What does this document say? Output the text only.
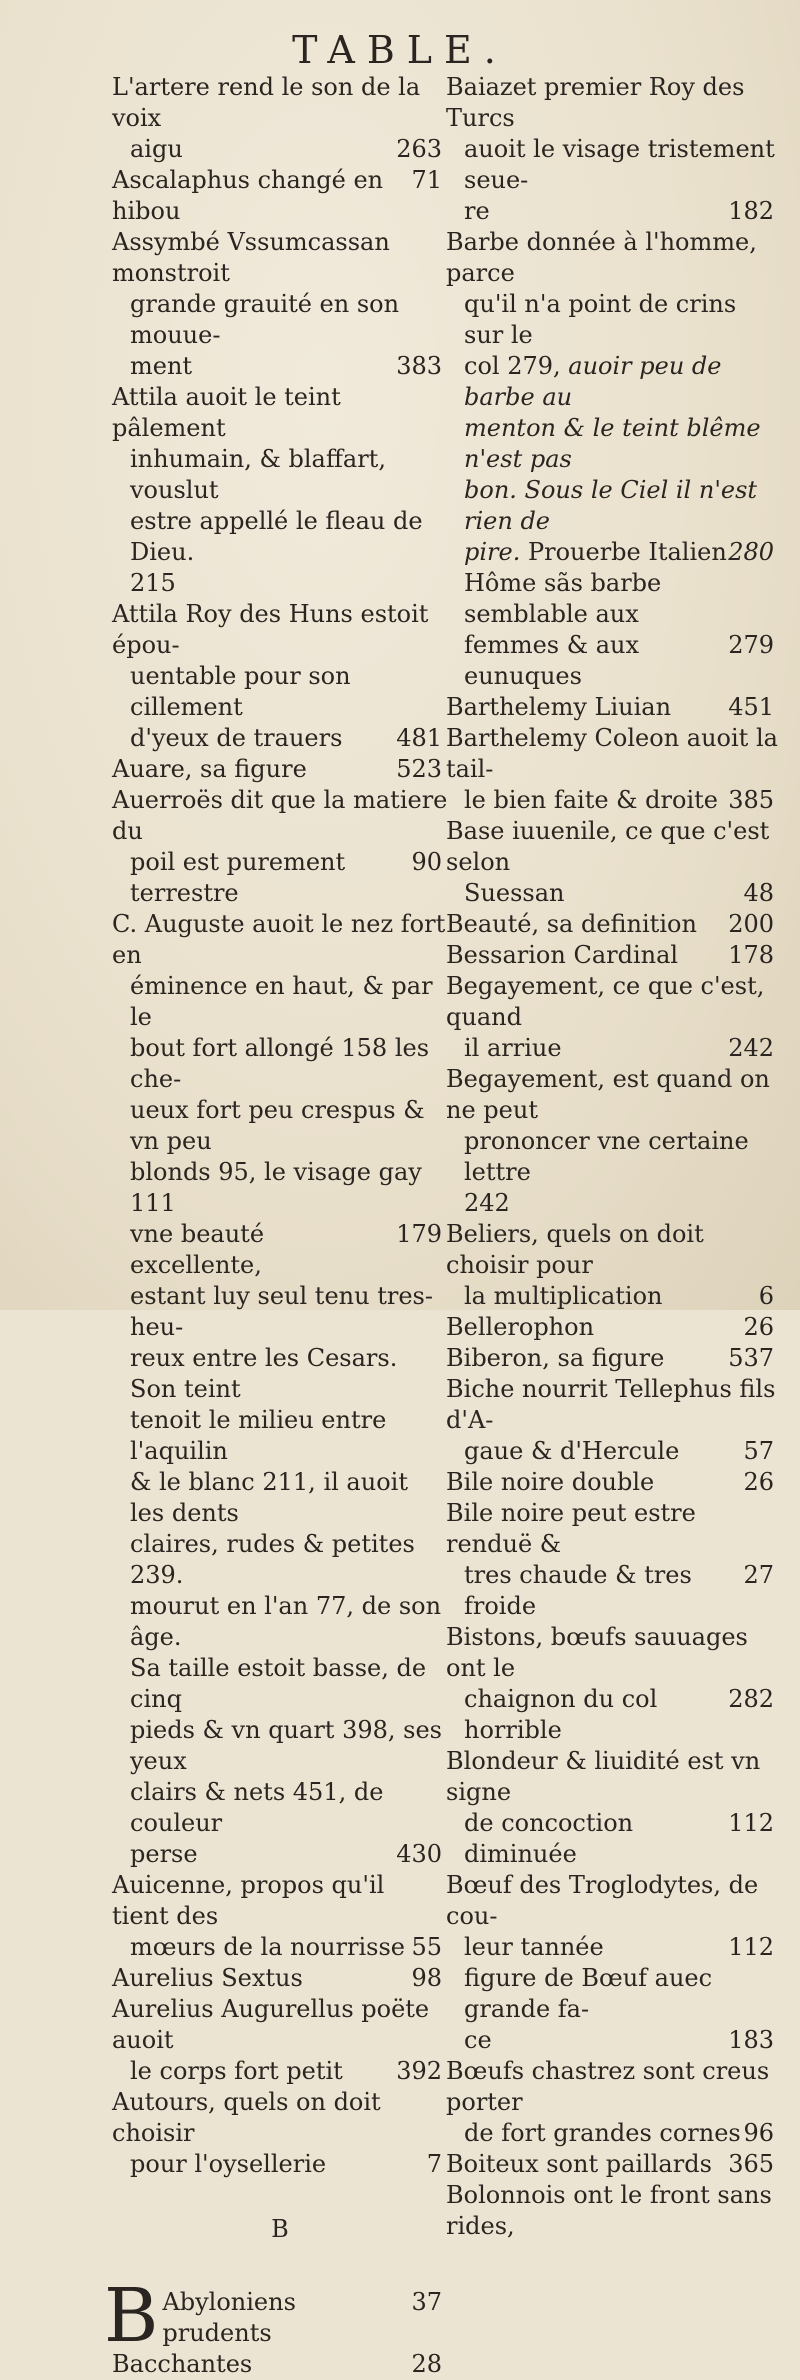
TABLE.
L'artere rend le son de la voix
263
aigu
71
Ascalaphus changé en hibou
Assymbé Vssumcassan monstroit
grande grauité en son mouue-
383
ment
Attila auoit le teint pâlement
inhumain, & blaffart, vouslut
estre appellé le fleau de Dieu.
215
Attila Roy des Huns estoit épou-
uentable pour son cillement
481
d'yeux de trauers
523
Auare, sa figure
Auerroës dit que la matiere du
90
poil est purement terrestre
C. Auguste auoit le nez fort en
éminence en haut, & par le
bout fort allongé 158 les che-
ueux fort peu crespus & vn peu
blonds 95, le visage gay 111
179
vne beauté excellente,
estant luy seul tenu tres-heu-
reux entre les Cesars. Son teint
tenoit le milieu entre l'aquilin
& le blanc 211, il auoit les dents
claires, rudes & petites 239.
mourut en l'an 77, de son âge.
Sa taille estoit basse, de cinq
pieds & vn quart 398, ses yeux
clairs & nets 451, de couleur
430
perse
Auicenne, propos qu'il tient des
55
mœurs de la nourrisse
98
Aurelius Sextus
Aurelius Augurellus poëte auoit
392
le corps fort petit
Autours, quels on doit choisir
7
pour l'oysellerie
B
B	37
Abyloniens prudents
28
Bacchantes
Baiazet premier Roy des Turcs
auoit le visage tristement seue-
182
re
Barbe donnée à l'homme, parce
qu'il n'a point de crins sur le
col 279, auoir peu de barbe au
menton & le teint blême n'est pas
bon. Sous le Ciel il n'est rien de
280
pire. Prouerbe Italien
Hôme sãs barbe semblable aux
279
femmes & aux eunuques
451
Barthelemy Liuian
Barthelemy Coleon auoit la tail-
385
le bien faite & droite
Base iuuenile, ce que c'est selon
48
Suessan
200
Beauté, sa definition
178
Bessarion Cardinal
Begayement, ce que c'est, quand
242
il arriue
Begayement, est quand on ne peut
prononcer vne certaine lettre
242
Beliers, quels on doit choisir pour
6
la multiplication
26
Bellerophon
537
Biberon, sa figure
Biche nourrit Tellephus fils d'A-
57
gaue & d'Hercule
26
Bile noire double
Bile noire peut estre renduë &
27
tres chaude & tres froide
Bistons, bœufs sauuages ont le
282
chaignon du col horrible
Blondeur & liuidité est vn signe
112
de concoction diminuée
Bœuf des Troglodytes, de cou-
112
leur tannée
figure de Bœuf auec grande fa-
183
ce
Bœufs chastrez sont creus porter
96
de fort grandes cornes
365
Boiteux sont paillards
Bolonnois ont le front sans rides,
